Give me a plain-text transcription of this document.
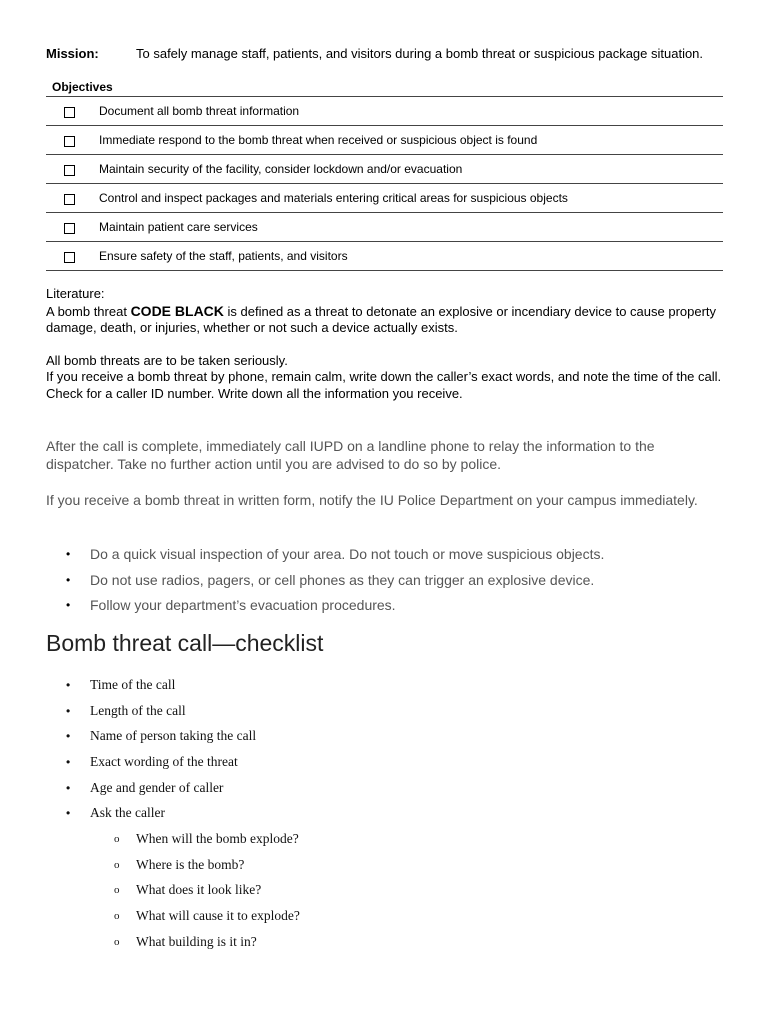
Mission:	To safely manage staff, patients, and visitors during a bomb threat or suspicious package situation.
Objectives
Document all bomb threat information
Immediate respond to the bomb threat when received or suspicious object is found
Maintain security of the facility, consider lockdown and/or evacuation
Control and inspect packages and materials entering critical areas for suspicious objects
Maintain patient care services
Ensure safety of the staff, patients, and visitors

Literature:

A bomb threat CODE BLACK is defined as a threat to detonate an explosive or incendiary device to cause property damage, death, or injuries, whether or not such a device actually exists.

All bomb threats are to be taken seriously.

If you receive a bomb threat by phone, remain calm, write down the caller’s exact words, and note the time of the call. Check for a caller ID number. Write down all the information you receive.

After the call is complete, immediately call IUPD on a landline phone to relay the information to the dispatcher. Take no further action until you are advised to do so by police.

If you receive a bomb threat in written form, notify the IU Police Department on your campus immediately.

• Do a quick visual inspection of your area. Do not touch or move suspicious objects.
• Do not use radios, pagers, or cell phones as they can trigger an explosive device.
• Follow your department’s evacuation procedures.
Bomb threat call—checklist
• Time of the call
• Length of the call
• Name of person taking the call
• Exact wording of the threat
• Age and gender of caller
• Ask the caller
o When will the bomb explode?
o Where is the bomb?
o What does it look like?
o What will cause it to explode?
o What building is it in?
